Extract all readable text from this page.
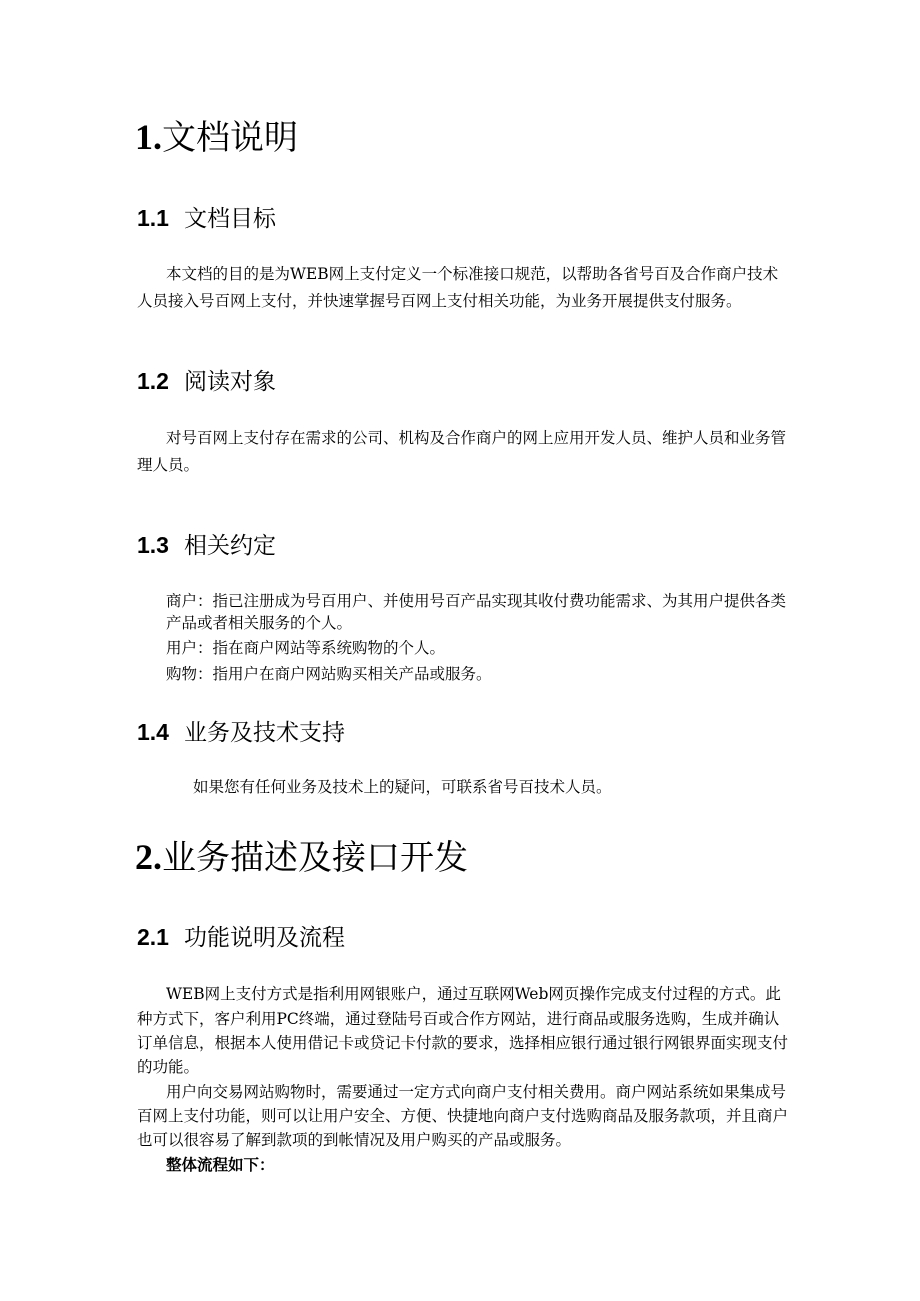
1.文档说明
1.1 文档目标
本文档的目的是为WEB网上支付定义一个标准接口规范，以帮助各省号百及合作商户技术
人员接入号百网上支付，并快速掌握号百网上支付相关功能，为业务开展提供支付服务。
1.2 阅读对象
对号百网上支付存在需求的公司、机构及合作商户的网上应用开发人员、维护人员和业务管
理人员。
1.3 相关约定
商户：指已注册成为号百用户、并使用号百产品实现其收付费功能需求、为其用户提供各类
产品或者相关服务的个人。
用户：指在商户网站等系统购物的个人。
购物：指用户在商户网站购买相关产品或服务。
1.4 业务及技术支持
如果您有任何业务及技术上的疑问，可联系省号百技术人员。
2.业务描述及接口开发
2.1 功能说明及流程
WEB网上支付方式是指利用网银账户，通过互联网Web网页操作完成支付过程的方式。此
种方式下，客户利用PC终端，通过登陆号百或合作方网站，进行商品或服务选购，生成并确认
订单信息，根据本人使用借记卡或贷记卡付款的要求，选择相应银行通过银行网银界面实现支付
的功能。
用户向交易网站购物时，需要通过一定方式向商户支付相关费用。商户网站系统如果集成号
百网上支付功能，则可以让用户安全、方便、快捷地向商户支付选购商品及服务款项，并且商户
也可以很容易了解到款项的到帐情况及用户购买的产品或服务。
整体流程如下：
